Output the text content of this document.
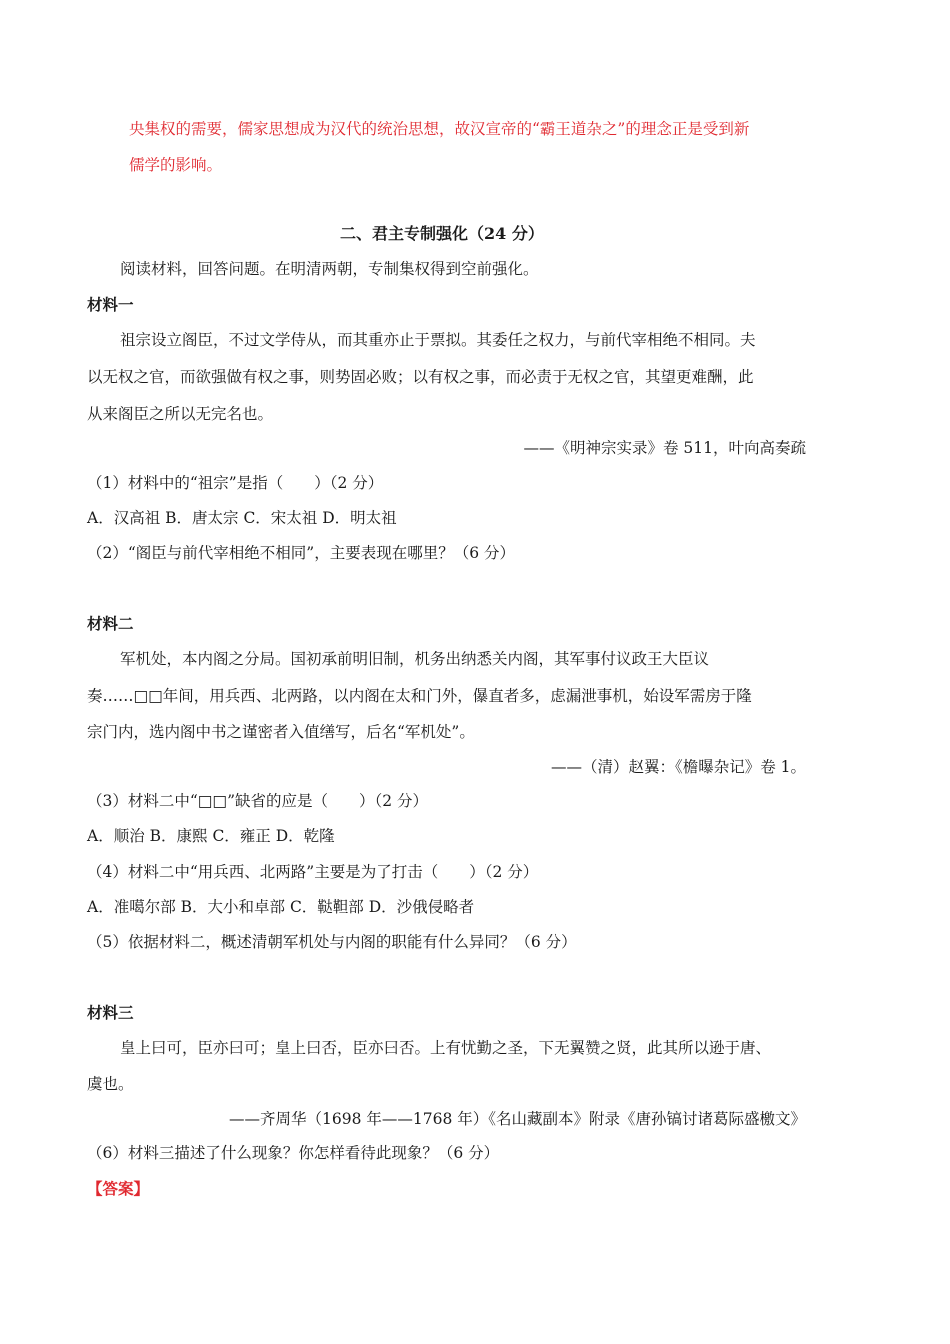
央集权的需要，儒家思想成为汉代的统治思想，故汉宣帝的“霸王道杂之”的理念正是受到新
儒学的影响。
二、君主专制强化（24 分）
阅读材料，回答问题。在明清两朝，专制集权得到空前强化。
材料一
祖宗设立阁臣，不过文学侍从，而其重亦止于票拟。其委任之权力，与前代宰相绝不相同。夫
以无权之官，而欲强做有权之事，则势固必败；以有权之事，而必责于无权之官，其望更难酬，此
从来阁臣之所以无完名也。
——《明神宗实录》卷 511，叶向高奏疏
（1）材料中的“祖宗”是指（　　）（2 分）
A．汉高祖 B．唐太宗 C．宋太祖 D．明太祖
（2）“阁臣与前代宰相绝不相同”，主要表现在哪里？（6 分）
材料二
军机处，本内阁之分局。国初承前明旧制，机务出纳悉关内阁，其军事付议政王大臣议
奏……□□年间，用兵西、北两路，以内阁在太和门外，儤直者多，虑漏泄事机，始设军需房于隆
宗门内，选内阁中书之谨密者入值缮写，后名“军机处”。
——（清）赵翼：《檐曝杂记》卷 1。
（3）材料二中“□□”缺省的应是（　　）（2 分）
A．顺治 B．康熙 C．雍正 D．乾隆
（4）材料二中“用兵西、北两路”主要是为了打击（　　）（2 分）
A．准噶尔部 B．大小和卓部 C．鞑靼部 D．沙俄侵略者
（5）依据材料二，概述清朝军机处与内阁的职能有什么异同？（6 分）
材料三
皇上曰可，臣亦曰可；皇上曰否，臣亦曰否。上有忧勤之圣，下无翼赞之贤，此其所以逊于唐、
虞也。
——齐周华（1698 年——1768 年）《名山藏副本》附录《唐孙镐讨诸葛际盛檄文》
（6）材料三描述了什么现象？你怎样看待此现象？（6 分）
【答案】
